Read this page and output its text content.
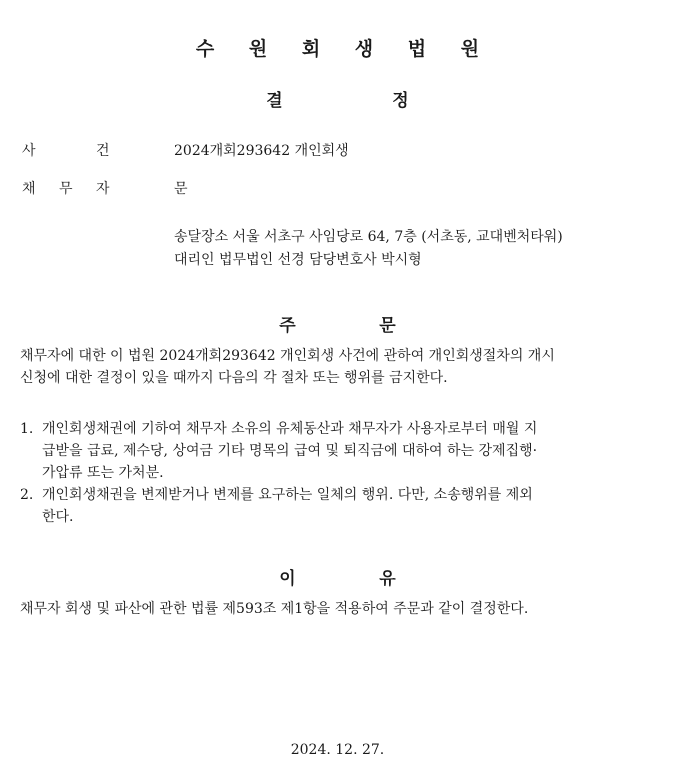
수 원 회 생 법 원
결	정
사	건	2024개회293642 개인회생
채 무 자	문
송달장소 서울 서초구 사임당로 64, 7층 (서초동, 교대벤처타워)
대리인 법무법인 선경 담당변호사 박시형
주	문
채무자에 대한 이 법원 2024개회293642 개인회생 사건에 관하여 개인회생절차의 개시
신청에 대한 결정이 있을 때까지 다음의 각 절차 또는 행위를 금지한다.
1. 개인회생채권에 기하여 채무자 소유의 유체동산과 채무자가 사용자로부터 매월 지
급받을 급료, 제수당, 상여금 기타 명목의 급여 및 퇴직금에 대하여 하는 강제집행·
가압류 또는 가처분.
2. 개인회생채권을 변제받거나 변제를 요구하는 일체의 행위. 다만, 소송행위를 제외
한다.
이	유
채무자 회생 및 파산에 관한 법률 제593조 제1항을 적용하여 주문과 같이 결정한다.
2024. 12. 27.
